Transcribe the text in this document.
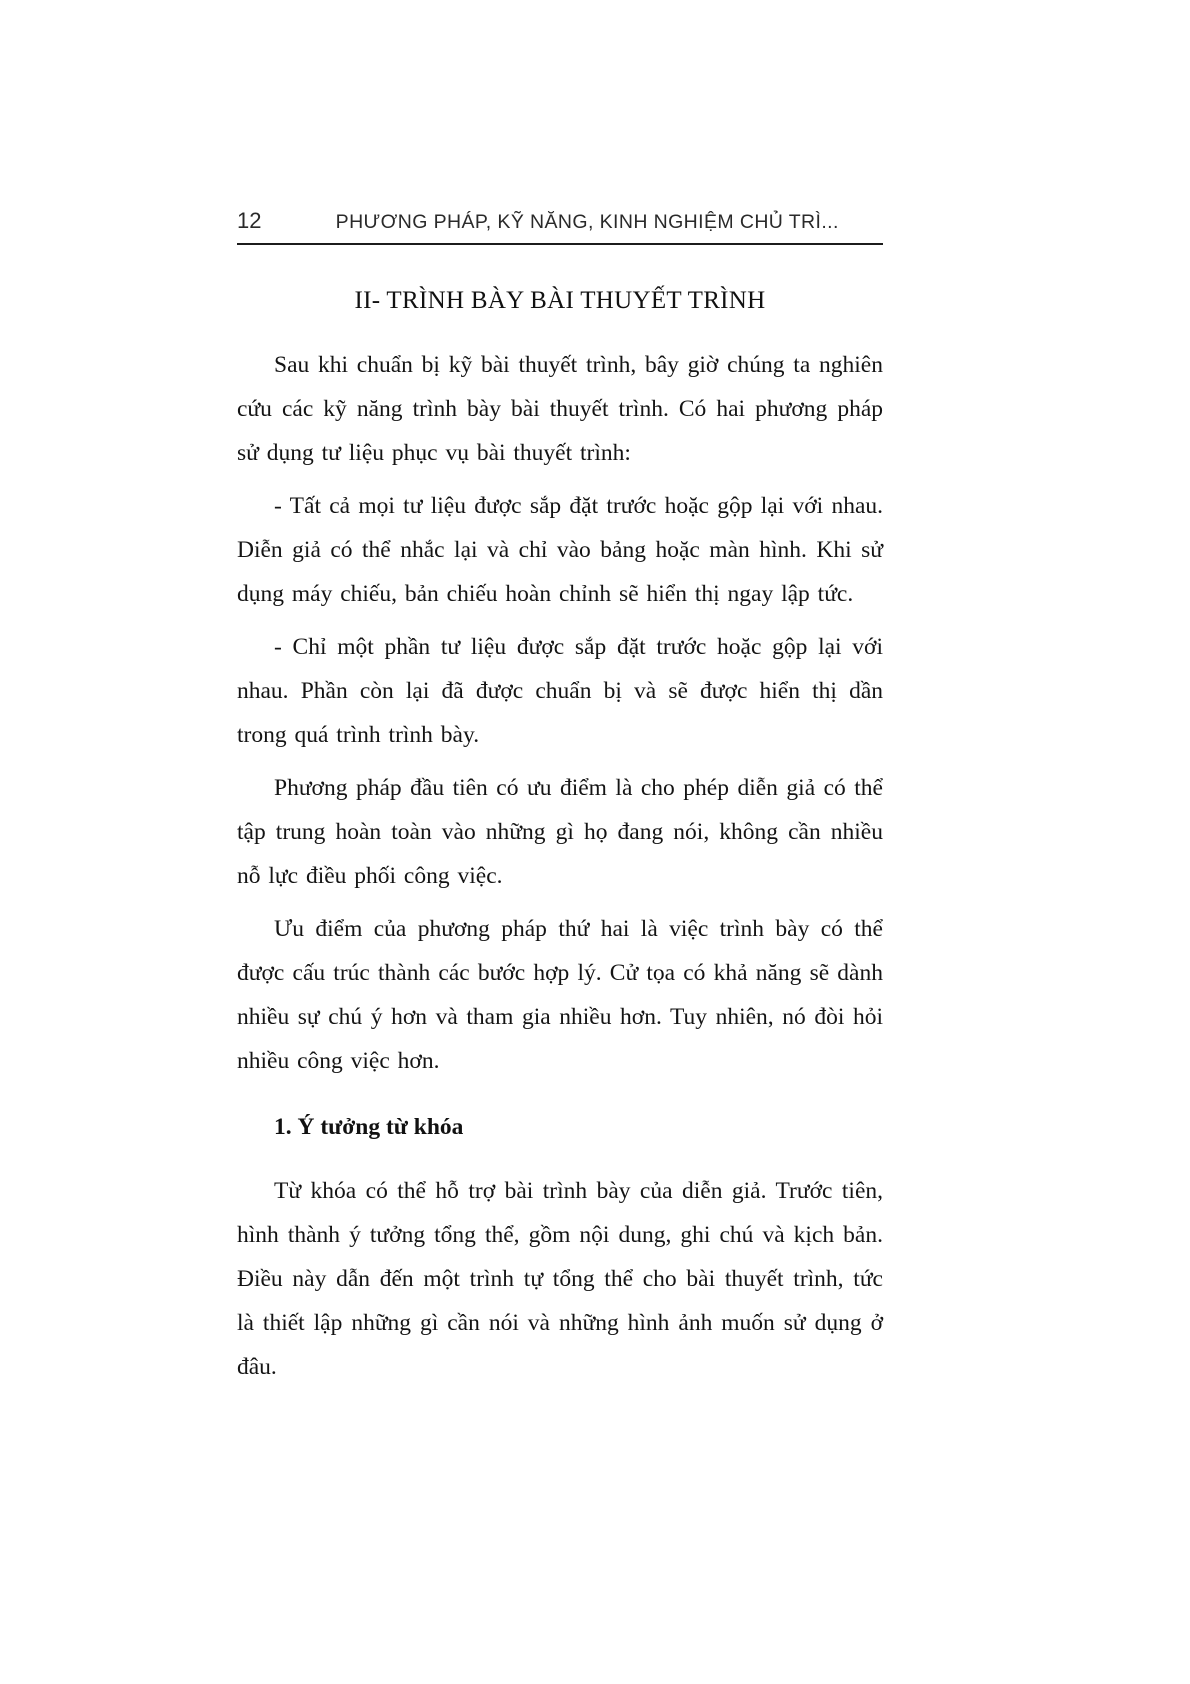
12	PHƯƠNG PHÁP, KỸ NĂNG, KINH NGHIỆM CHỦ TRÌ...
II- TRÌNH BÀY BÀI THUYẾT TRÌNH

Sau khi chuẩn bị kỹ bài thuyết trình, bây giờ chúng ta nghiên cứu các kỹ năng trình bày bài thuyết trình. Có hai phương pháp sử dụng tư liệu phục vụ bài thuyết trình:

- Tất cả mọi tư liệu được sắp đặt trước hoặc gộp lại với nhau. Diễn giả có thể nhắc lại và chỉ vào bảng hoặc màn hình. Khi sử dụng máy chiếu, bản chiếu hoàn chỉnh sẽ hiển thị ngay lập tức.

- Chỉ một phần tư liệu được sắp đặt trước hoặc gộp lại với nhau. Phần còn lại đã được chuẩn bị và sẽ được hiển thị dần trong quá trình trình bày.

Phương pháp đầu tiên có ưu điểm là cho phép diễn giả có thể tập trung hoàn toàn vào những gì họ đang nói, không cần nhiều nỗ lực điều phối công việc.

Ưu điểm của phương pháp thứ hai là việc trình bày có thể được cấu trúc thành các bước hợp lý. Cử tọa có khả năng sẽ dành nhiều sự chú ý hơn và tham gia nhiều hơn. Tuy nhiên, nó đòi hỏi nhiều công việc hơn.

1. Ý tưởng từ khóa

Từ khóa có thể hỗ trợ bài trình bày của diễn giả. Trước tiên, hình thành ý tưởng tổng thể, gồm nội dung, ghi chú và kịch bản. Điều này dẫn đến một trình tự tổng thể cho bài thuyết trình, tức là thiết lập những gì cần nói và những hình ảnh muốn sử dụng ở đâu.
